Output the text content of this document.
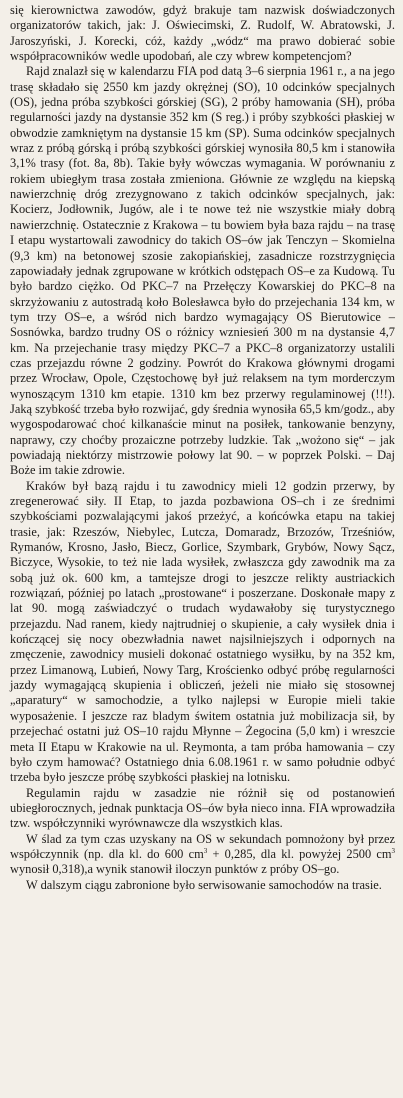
się kierownictwa zawodów, gdyż brakuje tam nazwisk doświadczonych organizatorów takich, jak: J. Oświecimski, Z. Rudolf, W. Abratowski, J. Jaroszyński, J. Korecki, cóż, każdy „wódz“ ma prawo dobierać sobie współpracowników wedle upodobań, ale czy wbrew kompetencjom?

Rajd znalazł się w kalendarzu FIA pod datą 3–6 sierpnia 1961 r., a na jego trasę składało się 2550 km jazdy okrężnej (SO), 10 odcinków specjalnych (OS), jedna próba szybkości górskiej (SG), 2 próby hamowania (SH), próba regularności jazdy na dystansie 352 km (S reg.) i próby szybkości płaskiej w obwodzie zamkniętym na dystansie 15 km (SP). Suma odcinków specjalnych wraz z próbą górską i próbą szybkości górskiej wynosiła 80,5 km i stanowiła 3,1% trasy (fot. 8a, 8b). Takie były wówczas wymagania. W porównaniu z rokiem ubiegłym trasa została zmieniona. Głównie ze względu na kiepską nawierzchnię dróg zrezygnowano z takich odcinków specjalnych, jak: Kocierz, Jodłownik, Jugów, ale i te nowe też nie wszystkie miały dobrą nawierzchnię. Ostatecznie z Krakowa – tu bowiem była baza rajdu – na trasę I etapu wystartowali zawodnicy do takich OS–ów jak Tenczyn – Skomielna (9,3 km) na betonowej szosie zakopiańskiej, zasadnicze rozstrzygnięcia zapowiadały jednak zgrupowane w krótkich odstępach OS–e za Kudową. Tu było bardzo ciężko. Od PKC–7 na Przełęczy Kowarskiej do PKC–8 na skrzyżowaniu z autostradą koło Bolesławca było do przejechania 134 km, w tym trzy OS–e, a wśród nich bardzo wymagający OS Bierutowice – Sosnówka, bardzo trudny OS o różnicy wzniesień 300 m na dystansie 4,7 km. Na przejechanie trasy między PKC–7 a PKC–8 organizatorzy ustalili czas przejazdu równe 2 godziny. Powrót do Krakowa głównymi drogami przez Wrocław, Opole, Częstochowę był już relaksem na tym morderczym wynoszącym 1310 km etapie. 1310 km bez przerwy regulaminowej (!!!). Jaką szybkość trzeba było rozwijać, gdy średnia wynosiła 65,5 km/godz., aby wygospodarować choć kilkanaście minut na posiłek, tankowanie benzyny, naprawy, czy choćby prozaiczne potrzeby ludzkie. Tak „wożono się“ – jak powiadają niektórzy mistrzowie połowy lat 90. – w poprzek Polski. – Daj Boże im takie zdrowie.

Kraków był bazą rajdu i tu zawodnicy mieli 12 godzin przerwy, by zregenerować siły. II Etap, to jazda pozbawiona OS–ch i ze średnimi szybkościami pozwalającymi jakoś przeżyć, a końcówka etapu na takiej trasie, jak: Rzeszów, Niebylec, Lutcza, Domaradz, Brzozów, Trześniów, Rymanów, Krosno, Jasło, Biecz, Gorlice, Szymbark, Grybów, Nowy Sącz, Biczyce, Wysokie, to też nie lada wysiłek, zwłaszcza gdy zawodnik ma za sobą już ok. 600 km, a tamtejsze drogi to jeszcze relikty austriackich rozwiązań, później po latach „prostowane“ i poszerzane. Doskonałe mapy z lat 90. mogą zaświadczyć o trudach wydawałoby się turystycznego przejazdu. Nad ranem, kiedy najtrudniej o skupienie, a cały wysiłek dnia i kończącej się nocy obezwładnia nawet najsilniejszych i odpornych na zmęczenie, zawodnicy musieli dokonać ostatniego wysiłku, by na 352 km, przez Limanową, Lubień, Nowy Targ, Krościenko odbyć próbę regularności jazdy wymagającą skupienia i obliczeń, jeżeli nie miało się stosownej „aparatury“ w samochodzie, a tylko najlepsi w Europie mieli takie wyposażenie. I jeszcze raz bladym świtem ostatnia już mobilizacja sił, by przejechać ostatni już OS–10 rajdu Młynne – Żegocina (5,0 km) i wreszcie meta II Etapu w Krakowie na ul. Reymonta, a tam próba hamowania – czy było czym hamować? Ostatniego dnia 6.08.1961 r. w samo południe odbyć trzeba było jeszcze próbę szybkości płaskiej na lotnisku.

Regulamin rajdu w zasadzie nie różnił się od postanowień ubiegłorocznych, jednak punktacja OS–ów była nieco inna. FIA wprowadziła tzw. współczynniki wyrównawcze dla wszystkich klas.

W ślad za tym czas uzyskany na OS w sekundach pomnożony był przez współczynnik (np. dla kl. do 600 $cm^3 + 0,285$, dla kl. powyżej 2500 $cm^3$ wynosił 0,318),a wynik stanowił iloczyn punktów z próby OS–go.

W dalszym ciągu zabronione było serwisowanie samochodów na trasie.
